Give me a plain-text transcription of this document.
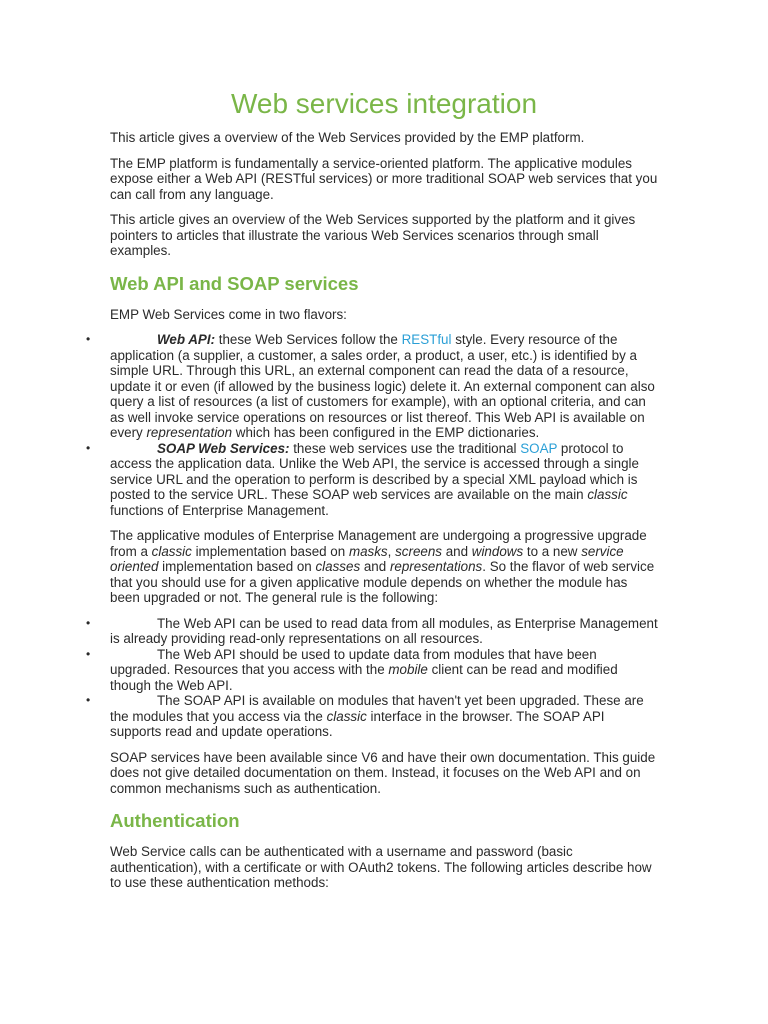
Web services integration

This article gives a overview of the Web Services provided by the EMP platform.

The EMP platform is fundamentally a service-oriented platform. The applicative modules expose either a Web API (RESTful services) or more traditional SOAP web services that you can call from any language.

This article gives an overview of the Web Services supported by the platform and it gives pointers to articles that illustrate the various Web Services scenarios through small examples.

Web API and SOAP services

EMP Web Services come in two flavors:

•	Web API: these Web Services follow the RESTful style. Every resource of the application (a supplier, a customer, a sales order, a product, a user, etc.) is identified by a simple URL. Through this URL, an external component can read the data of a resource, update it or even (if allowed by the business logic) delete it. An external component can also query a list of resources (a list of customers for example), with an optional criteria, and can as well invoke service operations on resources or list thereof. This Web API is available on every representation which has been configured in the EMP dictionaries.
•	SOAP Web Services: these web services use the traditional SOAP protocol to access the application data. Unlike the Web API, the service is accessed through a single service URL and the operation to perform is described by a special XML payload which is posted to the service URL. These SOAP web services are available on the main classic functions of Enterprise Management.

The applicative modules of Enterprise Management are undergoing a progressive upgrade from a classic implementation based on masks, screens and windows to a new service oriented implementation based on classes and representations. So the flavor of web service that you should use for a given applicative module depends on whether the module has been upgraded or not. The general rule is the following:

•	The Web API can be used to read data from all modules, as Enterprise Management is already providing read-only representations on all resources.
•	The Web API should be used to update data from modules that have been upgraded. Resources that you access with the mobile client can be read and modified though the Web API.
•	The SOAP API is available on modules that haven't yet been upgraded. These are the modules that you access via the classic interface in the browser. The SOAP API supports read and update operations.

SOAP services have been available since V6 and have their own documentation. This guide does not give detailed documentation on them. Instead, it focuses on the Web API and on common mechanisms such as authentication.

Authentication

Web Service calls can be authenticated with a username and password (basic authentication), with a certificate or with OAuth2 tokens. The following articles describe how to use these authentication methods:
